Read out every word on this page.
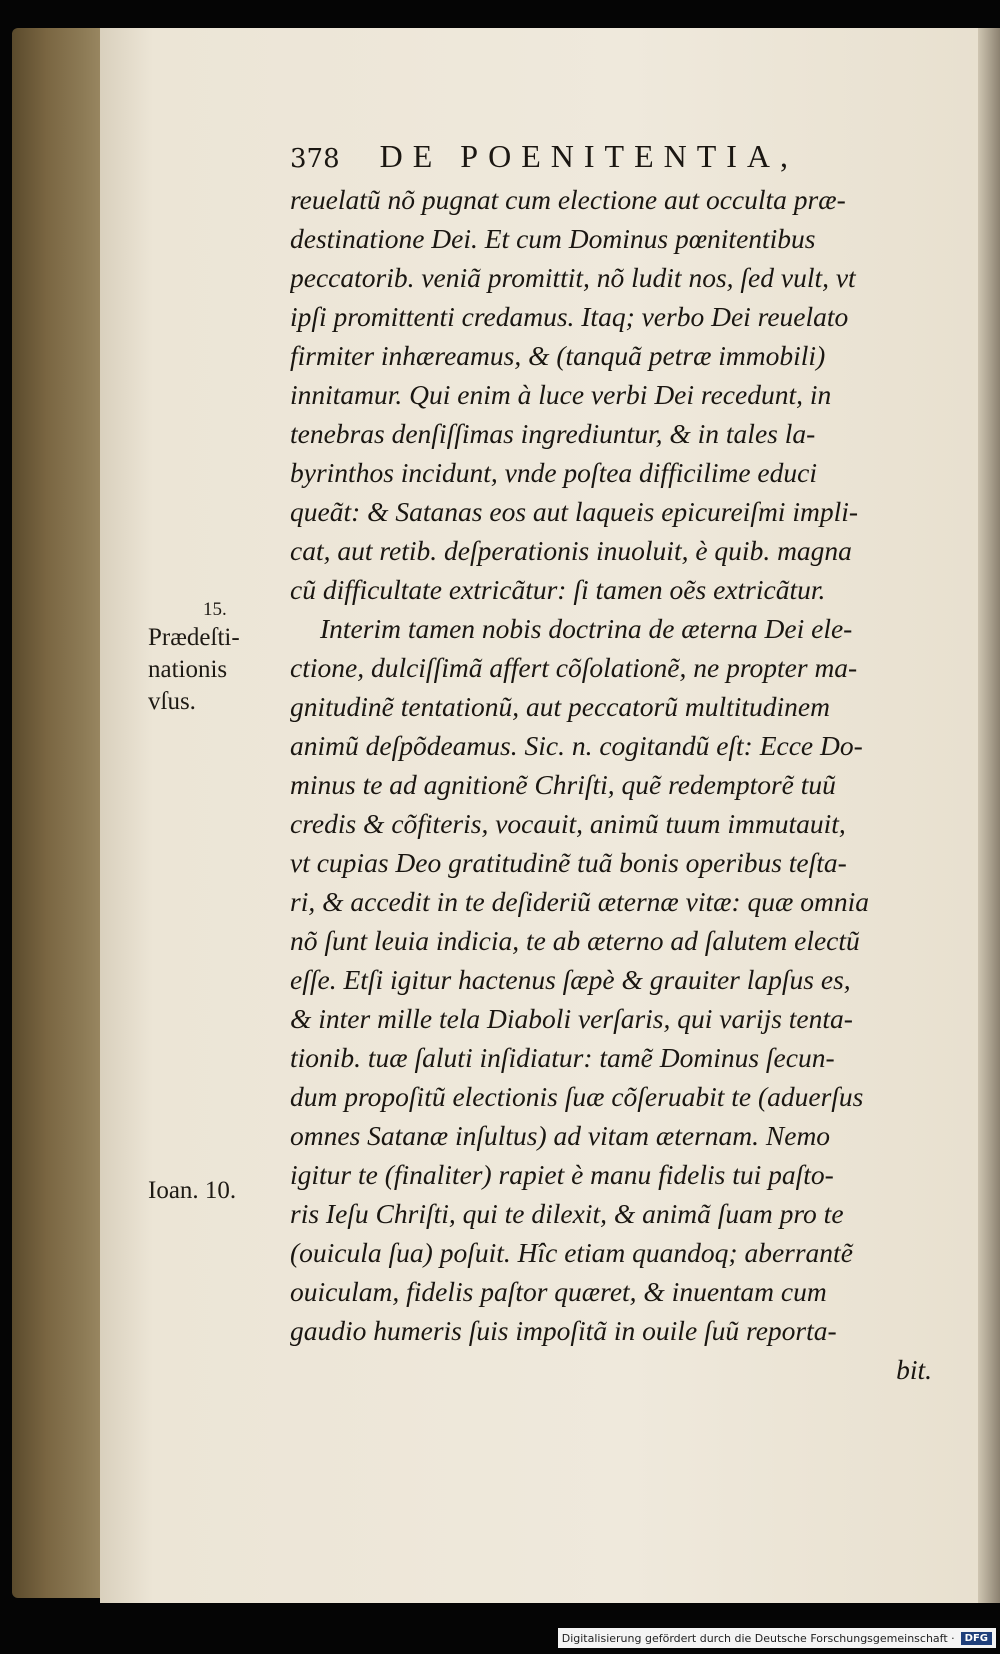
378 DE POENITENTIA,
reuelatũ nõ pugnat cum electione aut occulta præ-
destinatione Dei. Et cum Dominus pœnitentibus
peccatorib. veniã promittit, nõ ludit nos, ſed vult, vt
ipſi promittenti credamus. Itaq; verbo Dei reuelato
firmiter inhæreamus, & (tanquã petræ immobili)
innitamur. Qui enim à luce verbi Dei recedunt, in
tenebras denſiſſimas ingrediuntur, & in tales la-
byrinthos incidunt, vnde poſtea difficilime educi
queãt: & Satanas eos aut laqueis epicureiſmi impli-
cat, aut retib. deſperationis inuoluit, è quib. magna
cũ difficultate extricãtur: ſi tamen oẽs extricãtur.
Interim tamen nobis doctrina de æterna Dei ele-
ctione, dulciſſimã affert cõſolationẽ, ne propter ma-
gnitudinẽ tentationũ, aut peccatorũ multitudinem
animũ deſpõdeamus. Sic. n. cogitandũ eſt: Ecce Do-
minus te ad agnitionẽ Chriſti, quẽ redemptorẽ tuũ
credis & cõfiteris, vocauit, animũ tuum immutauit,
vt cupias Deo gratitudinẽ tuã bonis operibus teſta-
ri, & accedit in te deſideriũ æternæ vitæ: quæ omnia
nõ ſunt leuia indicia, te ab æterno ad ſalutem electũ
eſſe. Etſi igitur hactenus ſæpè & grauiter lapſus es,
& inter mille tela Diaboli verſaris, qui varijs tenta-
tionib. tuæ ſaluti inſidiatur: tamẽ Dominus ſecun-
dum propoſitũ electionis ſuæ cõſeruabit te (aduerſus
omnes Satanæ inſultus) ad vitam æternam. Nemo
igitur te (finaliter) rapiet è manu fidelis tui paſto-
ris Ieſu Chriſti, qui te dilexit, & animã ſuam pro te
(ouicula ſua) poſuit. Hîc etiam quandoq; aberrantẽ
ouiculam, fidelis paſtor quæret, & inuentam cum
gaudio humeris ſuis impoſitã in ouile ſuũ reporta-
bit.
15.
Prædeſti-
nationis
vſus.
Ioan. 10.
Digitalisierung gefördert durch die Deutsche Forschungsgemeinschaft ·	DFG
